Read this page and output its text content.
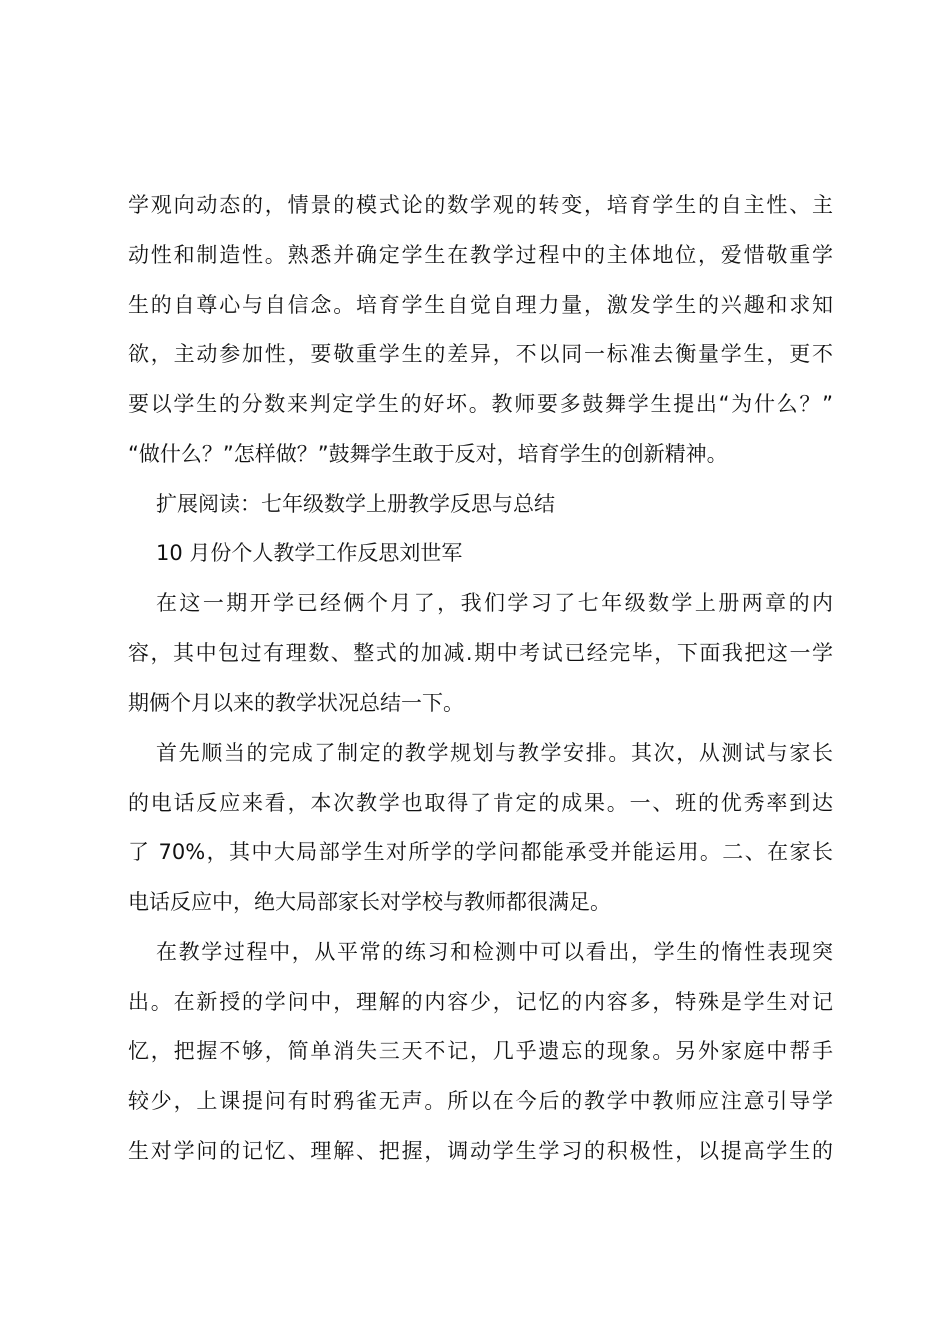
学观向动态的，情景的模式论的数学观的转变，培育学生的自主性、主
动性和制造性。熟悉并确定学生在教学过程中的主体地位，爱惜敬重学
生的自尊心与自信念。培育学生自觉自理力量，激发学生的兴趣和求知
欲，主动参加性，要敬重学生的差异，不以同一标准去衡量学生，更不
要以学生的分数来判定学生的好坏。教师要多鼓舞学生提出“为什么？”
“做什么？”怎样做？”鼓舞学生敢于反对，培育学生的创新精神。
扩展阅读：七年级数学上册教学反思与总结
10 月份个人教学工作反思刘世军
在这一期开学已经俩个月了，我们学习了七年级数学上册两章的内
容，其中包过有理数、整式的加减.期中考试已经完毕，下面我把这一学
期俩个月以来的教学状况总结一下。
首先顺当的完成了制定的教学规划与教学安排。其次，从测试与家长
的电话反应来看，本次教学也取得了肯定的成果。一、班的优秀率到达
了 70%，其中大局部学生对所学的学问都能承受并能运用。二、在家长
电话反应中，绝大局部家长对学校与教师都很满足。
在教学过程中，从平常的练习和检测中可以看出，学生的惰性表现突
出。在新授的学问中，理解的内容少，记忆的内容多，特殊是学生对记
忆，把握不够，简单消失三天不记，几乎遗忘的现象。另外家庭中帮手
较少，上课提问有时鸦雀无声。所以在今后的教学中教师应注意引导学
生对学问的记忆、理解、把握，调动学生学习的积极性，以提高学生的
